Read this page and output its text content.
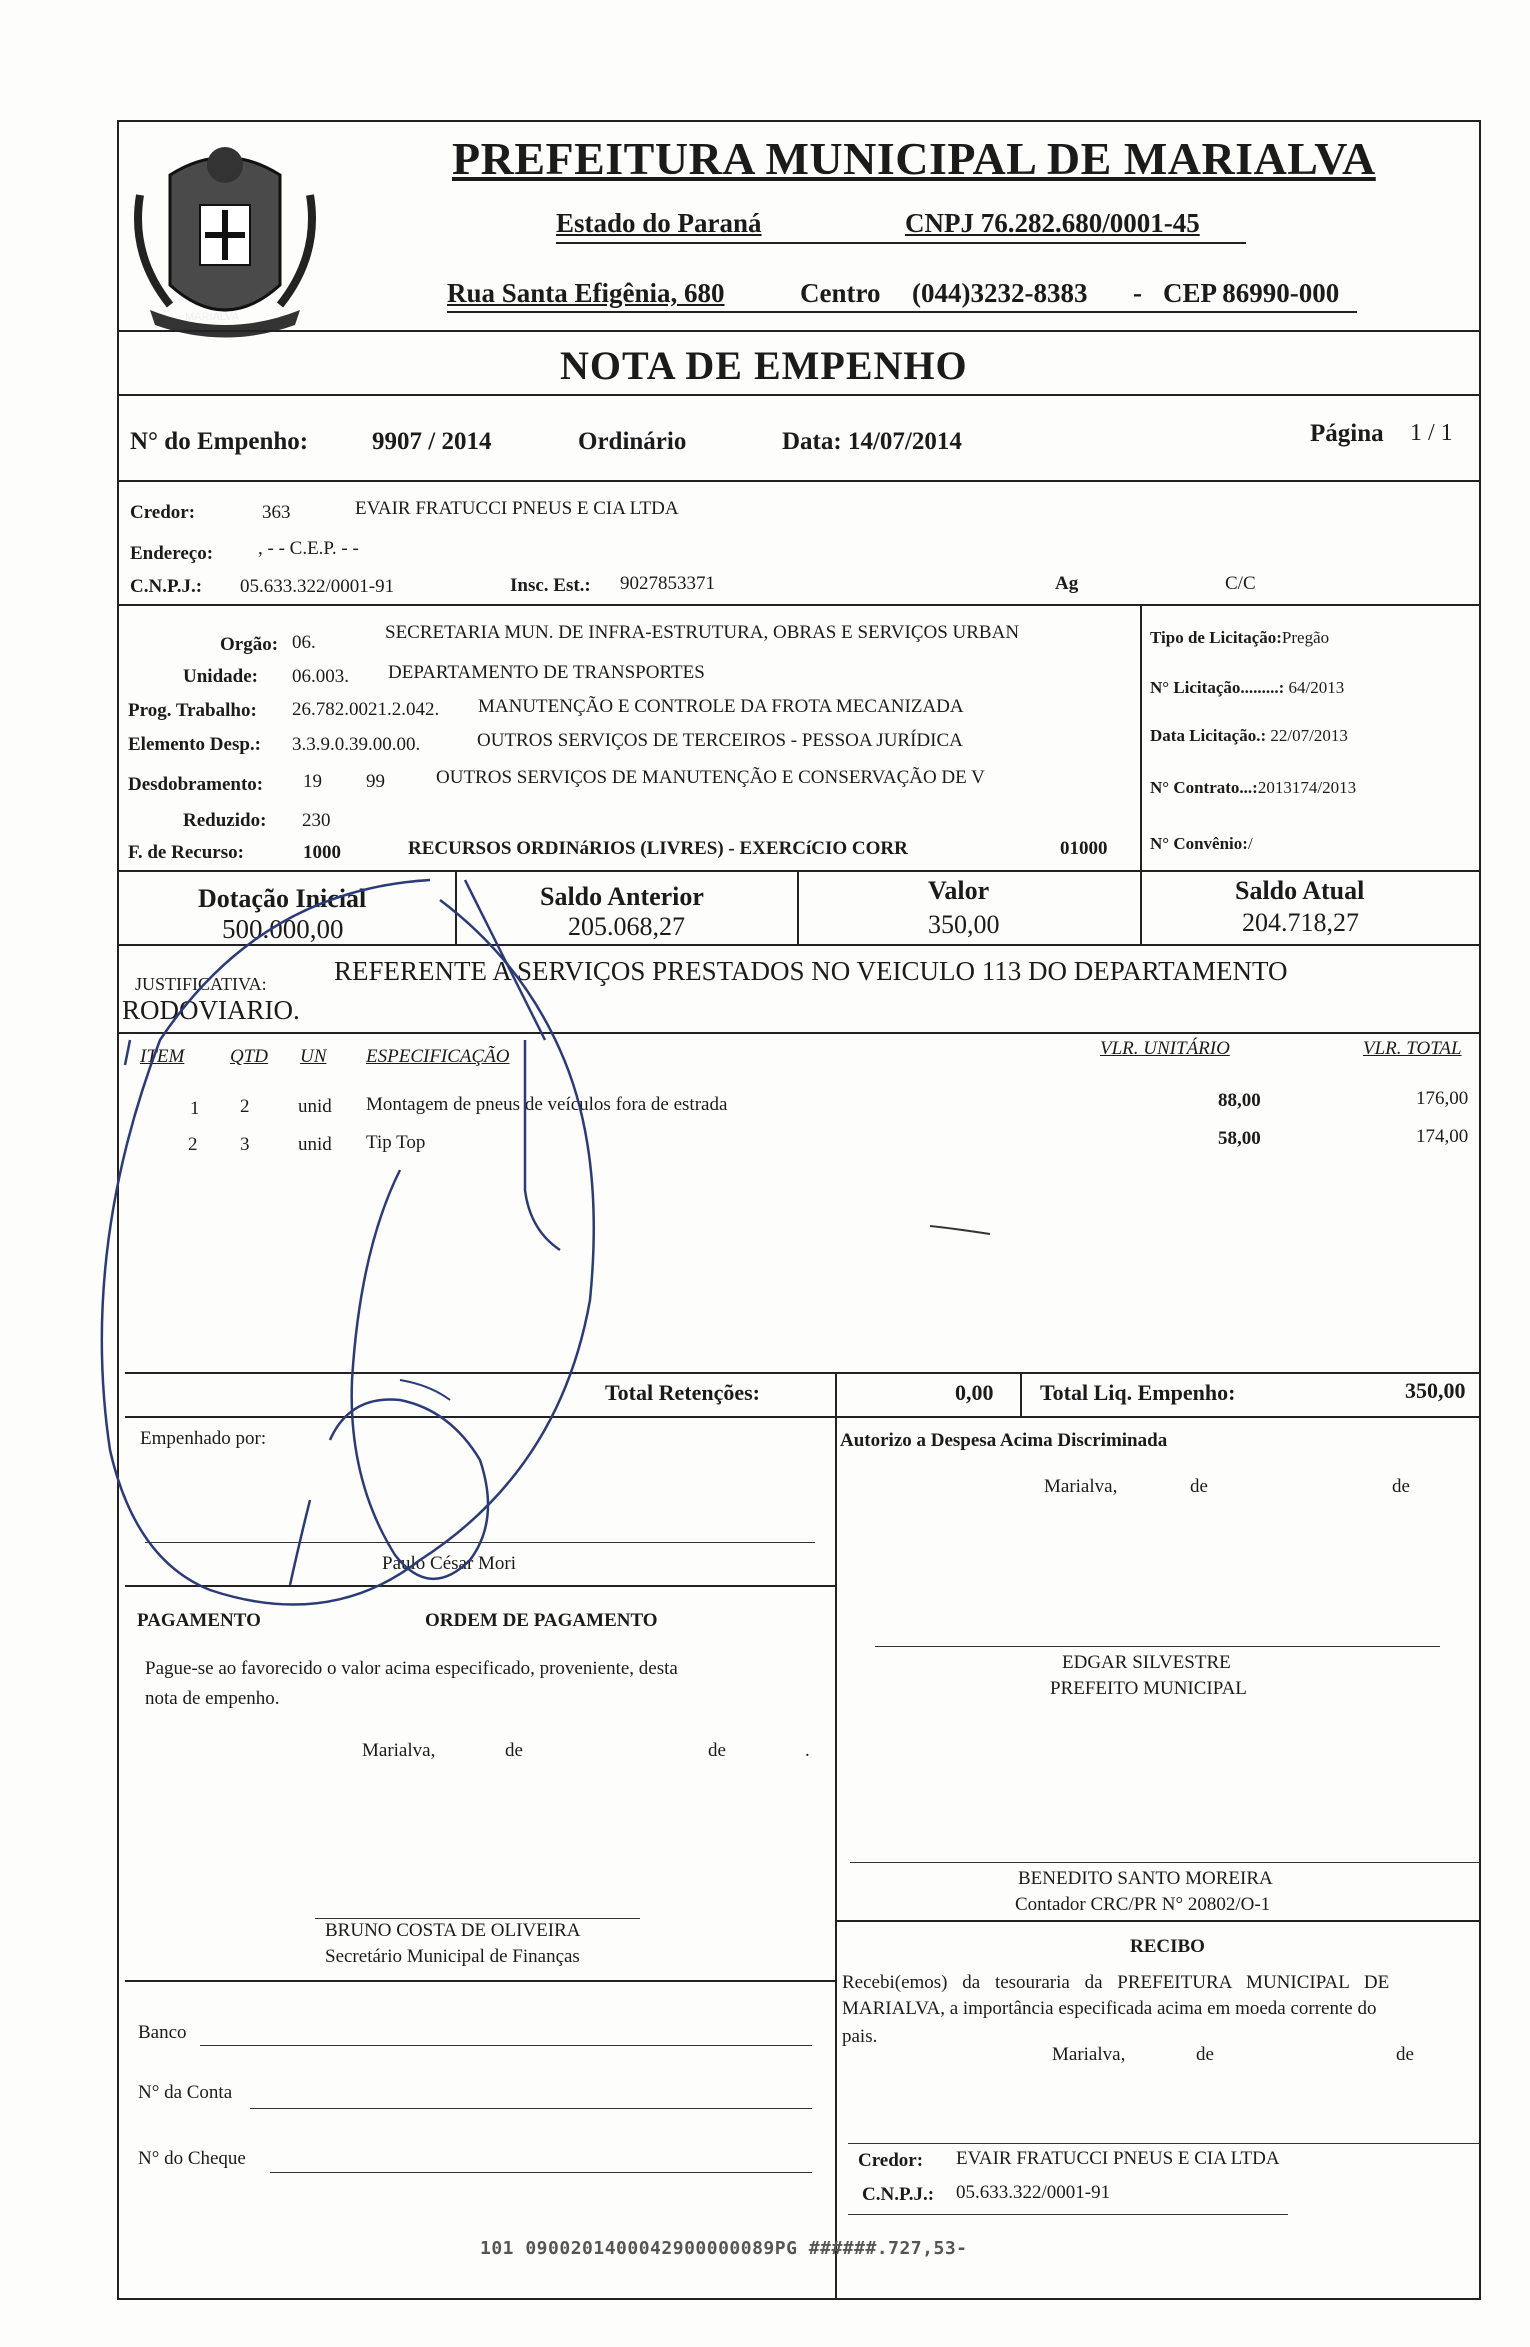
MARIALVA
PREFEITURA MUNICIPAL DE MARIALVA
Estado do Paraná	CNPJ 76.282.680/0001-45
Rua Santa Efigênia, 680	Centro (044)3232-8383 - CEP 86990-000
NOTA DE EMPENHO
N° do Empenho:	9907 / 2014	Ordinário	Data: 14/07/2014	Página 1 / 1
Credor:	363	EVAIR FRATUCCI PNEUS E CIA LTDA
Endereço: , - - C.E.P. - -
C.N.P.J.: 05.633.322/0001-91	Insc. Est.: 9027853371	Ag	C/C
Orgão: 06.	SECRETARIA MUN. DE INFRA-ESTRUTURA, OBRAS E SERVIÇOS URBAN
Unidade: 06.003. DEPARTAMENTO DE TRANSPORTES
Prog. Trabalho: 26.782.0021.2.042. MANUTENÇÃO E CONTROLE DA FROTA MECANIZADA
Elemento Desp.: 3.3.9.0.39.00.00.	OUTROS SERVIÇOS DE TERCEIROS - PESSOA JURÍDICA
Desdobramento: 19 99	OUTROS SERVIÇOS DE MANUTENÇÃO E CONSERVAÇÃO DE V
Reduzido: 230
F. de Recurso:	1000	RECURSOS ORDINáRIOS (LIVRES) - EXERCíCIO CORR	01000
Tipo de Licitação:Pregão
N° Licitação.........: 64/2013
Data Licitação.: 22/07/2013
N° Contrato...:2013174/2013
N° Convênio:/
Dotação Inicial
500.000,00
Saldo Anterior
205.068,27
Valor
350,00
Saldo Atual
204.718,27
JUSTIFICATIVA: REFERENTE A SERVIÇOS PRESTADOS NO VEICULO 113 DO DEPARTAMENTO
RODOVIARIO.
ITEM QTD UN ESPECIFICAÇÃO	VLR. UNITÁRIO	VLR. TOTAL
1 2	unid Montagem de pneus de veículos fora de estrada	88,00	176,00
2 3	unid Tip Top	58,00	174,00
Total Retenções:	0,00 Total Liq. Empenho:	350,00
Empenhado por:
Paulo César Mori
PAGAMENTO	ORDEM DE PAGAMENTO
Pague-se ao favorecido o valor acima especificado, proveniente, desta
nota de empenho.
Marialva,	de	de	.
BRUNO COSTA DE OLIVEIRA
Secretário Municipal de Finanças
Banco
N° da Conta
N° do Cheque
Autorizo a Despesa Acima Discriminada
Marialva,	de	de
EDGAR SILVESTRE
PREFEITO MUNICIPAL
BENEDITO SANTO MOREIRA
Contador CRC/PR N° 20802/O-1
RECIBO
Recebi(emos) da tesouraria da PREFEITURA MUNICIPAL DE
MARIALVA, a importância especificada acima em moeda corrente do
pais.
Marialva,	de	de
Credor: EVAIR FRATUCCI PNEUS E CIA LTDA
C.N.P.J.: 05.633.322/0001-91
101 0900201400042900000089PG ######.727,53-
